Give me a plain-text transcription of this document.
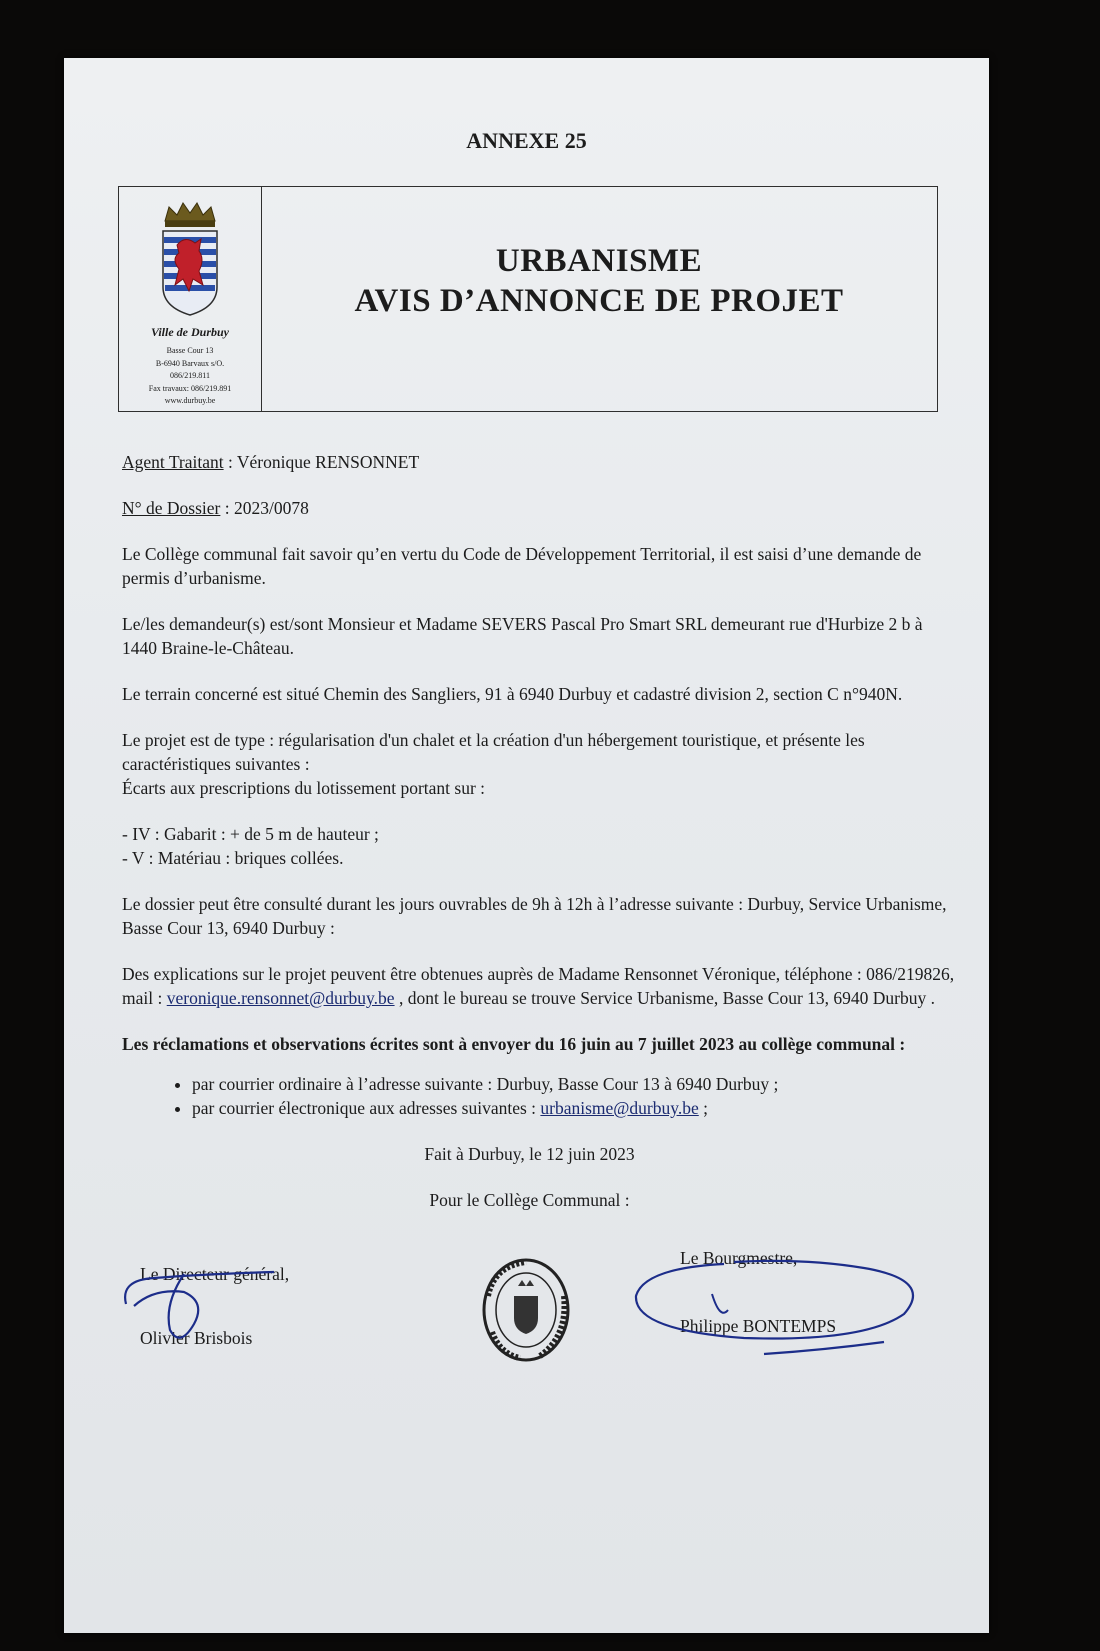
ANNEXE 25
Ville de Durbuy
Basse Cour 13
B-6940 Barvaux s/O.
086/219.811
Fax travaux: 086/219.891
www.durbuy.be
URBANISME
AVIS D’ANNONCE DE PROJET
Agent Traitant : Véronique RENSONNET
N° de Dossier : 2023/0078
Le Collège communal fait savoir qu’en vertu du Code de Développement Territorial, il est saisi d’une demande de
permis d’urbanisme.
Le/les demandeur(s) est/sont Monsieur et Madame SEVERS Pascal Pro Smart SRL demeurant rue d'Hurbize 2 b à
1440 Braine-le-Château.
Le terrain concerné est situé Chemin des Sangliers, 91 à 6940 Durbuy et cadastré division 2, section C n°940N.
Le projet est de type : régularisation d'un chalet et la création d'un hébergement touristique, et présente les
caractéristiques suivantes :
Écarts aux prescriptions du lotissement portant sur :
- IV : Gabarit : + de 5 m de hauteur ;
- V : Matériau : briques collées.
Le dossier peut être consulté durant les jours ouvrables de 9h à 12h à l’adresse suivante : Durbuy, Service Urbanisme,
Basse Cour 13, 6940 Durbuy :
Des explications sur le projet peuvent être obtenues auprès de Madame Rensonnet Véronique, téléphone : 086/219826,
mail : veronique.rensonnet@durbuy.be , dont le bureau se trouve Service Urbanisme, Basse Cour 13, 6940 Durbuy .
Les réclamations et observations écrites sont à envoyer du 16 juin au 7 juillet 2023 au collège communal :
• par courrier ordinaire à l’adresse suivante : Durbuy, Basse Cour 13 à 6940 Durbuy ;
• par courrier électronique aux adresses suivantes : urbanisme@durbuy.be ;
Fait à Durbuy, le 12 juin 2023
Pour le Collège Communal :
Le Directeur général,
Olivier Brisbois
Le Bourgmestre,
Philippe BONTEMPS
